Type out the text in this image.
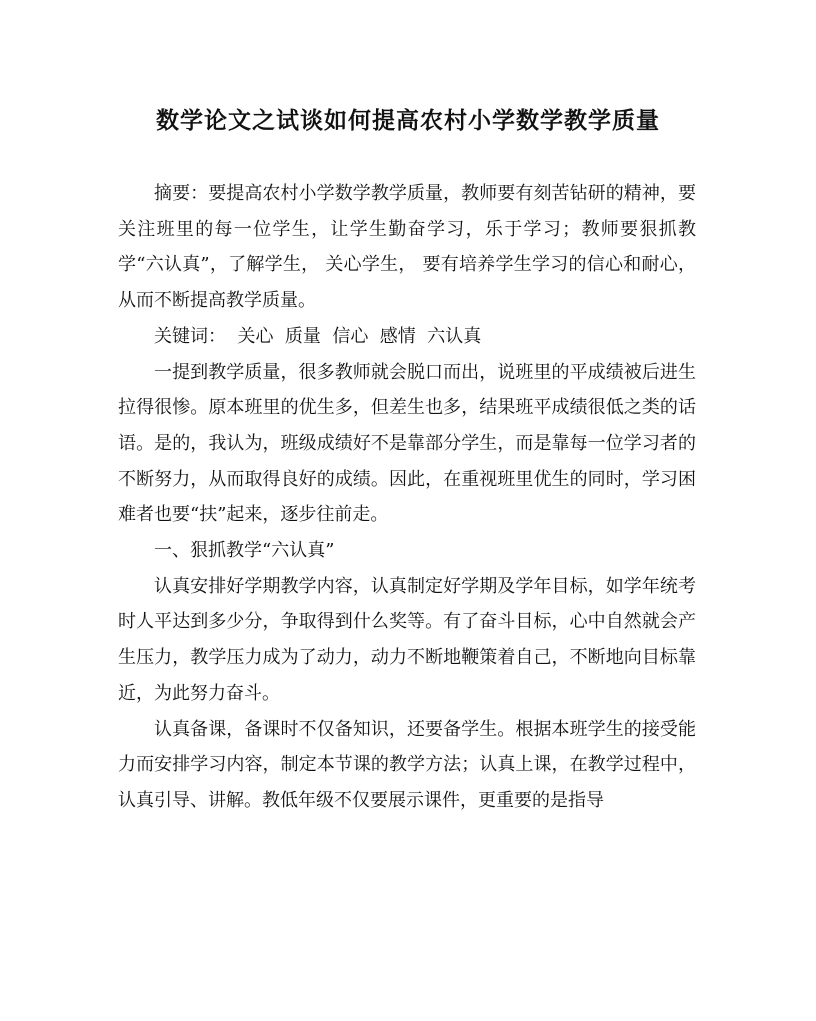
数学论文之试谈如何提高农村小学数学教学质量

摘要：要提高农村小学数学教学质量，教师要有刻苦钻研的精神，要关注班里的每一位学生，让学生勤奋学习，乐于学习；教师要狠抓教学“六认真”，了解学生， 关心学生， 要有培养学生学习的信心和耐心，从而不断提高教学质量。

关键词：  关心  质量  信心  感情  六认真

一提到教学质量，很多教师就会脱口而出，说班里的平成绩被后进生拉得很惨。原本班里的优生多，但差生也多，结果班平成绩很低之类的话语。是的，我认为，班级成绩好不是靠部分学生，而是靠每一位学习者的不断努力，从而取得良好的成绩。因此，在重视班里优生的同时，学习困难者也要“扶”起来，逐步往前走。

一、狠抓教学“六认真”

认真安排好学期教学内容，认真制定好学期及学年目标，如学年统考时人平达到多少分，争取得到什么奖等。有了奋斗目标，心中自然就会产生压力，教学压力成为了动力，动力不断地鞭策着自己，不断地向目标靠近，为此努力奋斗。

认真备课，备课时不仅备知识，还要备学生。根据本班学生的接受能力而安排学习内容，制定本节课的教学方法；认真上课，在教学过程中，认真引导、讲解。教低年级不仅要展示课件，更重要的是指导
